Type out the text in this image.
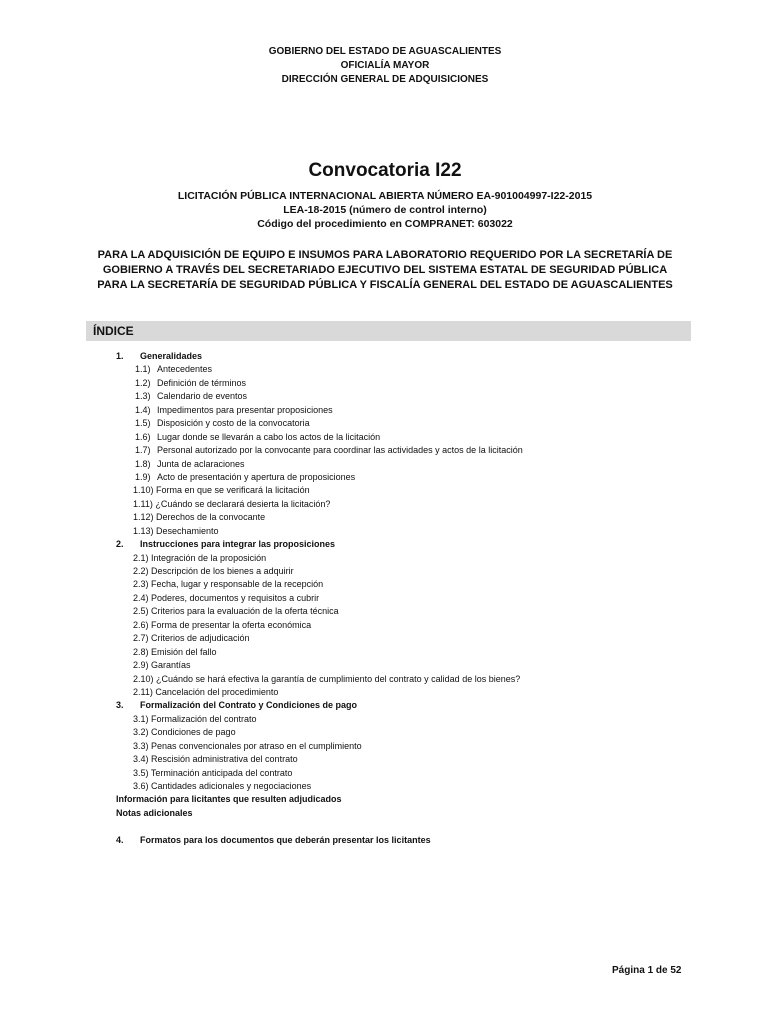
GOBIERNO DEL ESTADO DE AGUASCALIENTES
OFICIALÍA MAYOR
DIRECCIÓN GENERAL DE ADQUISICIONES
Convocatoria I22
LICITACIÓN PÚBLICA INTERNACIONAL ABIERTA NÚMERO EA-901004997-I22-2015
LEA-18-2015 (número de control interno)
Código del procedimiento en COMPRANET: 603022
PARA LA ADQUISICIÓN DE EQUIPO E INSUMOS PARA LABORATORIO REQUERIDO POR LA SECRETARÍA DE GOBIERNO A TRAVÉS DEL SECRETARIADO EJECUTIVO DEL SISTEMA ESTATAL DE SEGURIDAD PÚBLICA PARA LA SECRETARÍA DE SEGURIDAD PÚBLICA Y FISCALÍA GENERAL DEL ESTADO DE AGUASCALIENTES
ÍNDICE
1. Generalidades
1.1) Antecedentes
1.2) Definición de términos
1.3) Calendario de eventos
1.4) Impedimentos para presentar proposiciones
1.5) Disposición y costo de la convocatoria
1.6) Lugar donde se llevarán a cabo los actos de la licitación
1.7) Personal autorizado por la convocante para coordinar las actividades y actos de la licitación
1.8) Junta de aclaraciones
1.9) Acto de presentación y apertura de proposiciones
1.10) Forma en que se verificará la licitación
1.11) ¿Cuándo se declarará desierta la licitación?
1.12) Derechos de la convocante
1.13) Desechamiento
2. Instrucciones para integrar las proposiciones
2.1) Integración de la proposición
2.2) Descripción de los bienes a adquirir
2.3) Fecha, lugar y responsable de la recepción
2.4) Poderes, documentos y requisitos a cubrir
2.5) Criterios para la evaluación de la oferta técnica
2.6) Forma de presentar la oferta económica
2.7) Criterios de adjudicación
2.8) Emisión del fallo
2.9) Garantías
2.10) ¿Cuándo se hará efectiva la garantía de cumplimiento del contrato y calidad de los bienes?
2.11) Cancelación del procedimiento
3. Formalización del Contrato y Condiciones de pago
3.1) Formalización del contrato
3.2) Condiciones de pago
3.3) Penas convencionales por atraso en el cumplimiento
3.4) Rescisión administrativa del contrato
3.5) Terminación anticipada del contrato
3.6) Cantidades adicionales y negociaciones
Información para licitantes que resulten adjudicados
Notas adicionales
4. Formatos para los documentos que deberán presentar los licitantes
Página 1 de 52
